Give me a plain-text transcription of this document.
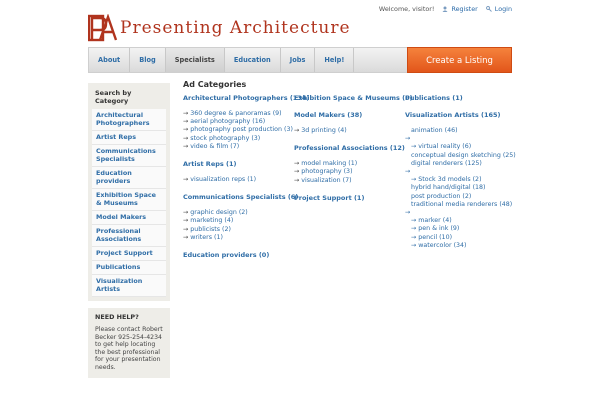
Presenting Architecture
Welcome, visitor!	Register	Login
About	Blog	Specialists	Education	Jobs	Help!	Create a Listing
Search by Category
Architectural Photographers
Artist Reps
Communications Specialists
Education providers
Exhibition Space & Museums
Model Makers
Professional Associations
Project Support
Publications
Visualization Artists
NEED HELP?
Please contact Robert Becker 925-254-4234 to get help locating the best professional for your presentation needs.
Ad Categories
Architectural Photographers (134)
→ 360 degree & panoramas (9)
→ aerial photography (16)
→ photography post production (3)
→ stock photography (3)
→ video & film (7)
Artist Reps (1)
→ visualization reps (1)
Communications Specialists (6)
→ graphic design (2)
→ marketing (4)
→ publicists (2)
→ writers (1)
Education providers (0)
Exhibition Space & Museums (0)
Model Makers (38)
→ 3d printing (4)
Professional Associations (12)
→ model making (1)
→ photography (3)
→ visualization (7)
Project Support (1)
Publications (1)
Visualization Artists (165)
animation (46)
→
→ virtual reality (6)
conceptual design sketching (25)
digital renderers (125)
→
→ Stock 3d models (2)
hybrid hand/digital (18)
post production (2)
traditional media renderers (48)
→
→ marker (4)
→ pen & ink (9)
→ pencil (10)
→ watercolor (34)
